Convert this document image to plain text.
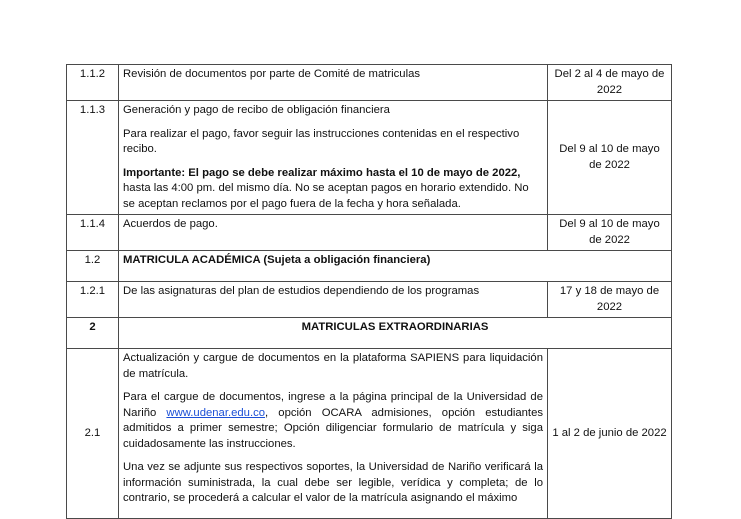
1.1.2	Revisión de documentos por parte de Comité de matriculas	Del 2 al 4 de mayo de 2022
1.1.3	Generación y pago de recibo de obligación financiera
Para realizar el pago, favor seguir las instrucciones contenidas en el respectivo recibo.
Importante: El pago se debe realizar máximo hasta el 10 de mayo de 2022, hasta las 4:00 pm. del mismo día. No se aceptan pagos en horario extendido. No se aceptan reclamos por el pago fuera de la fecha y hora señalada.	Del 9 al 10 de mayo de 2022
1.1.4	Acuerdos de pago.	Del 9 al 10 de mayo de 2022
1.2	MATRICULA ACADÉMICA (Sujeta a obligación financiera)	
1.2.1	De las asignaturas del plan de estudios dependiendo de los programas	17 y 18 de mayo de 2022
2	MATRICULAS EXTRAORDINARIAS	
2.1	Actualización y cargue de documentos en la plataforma SAPIENS para liquidación de matrícula.
Para el cargue de documentos, ingrese a la página principal de la Universidad de Nariño www.udenar.edu.co, opción OCARA admisiones, opción estudiantes admitidos a primer semestre; Opción diligenciar formulario de matrícula y siga cuidadosamente las instrucciones.
Una vez se adjunte sus respectivos soportes, la Universidad de Nariño verificará la información suministrada, la cual debe ser legible, verídica y completa; de lo contrario, se procederá a calcular el valor de la matrícula asignando el máximo	1 al 2 de junio de 2022
